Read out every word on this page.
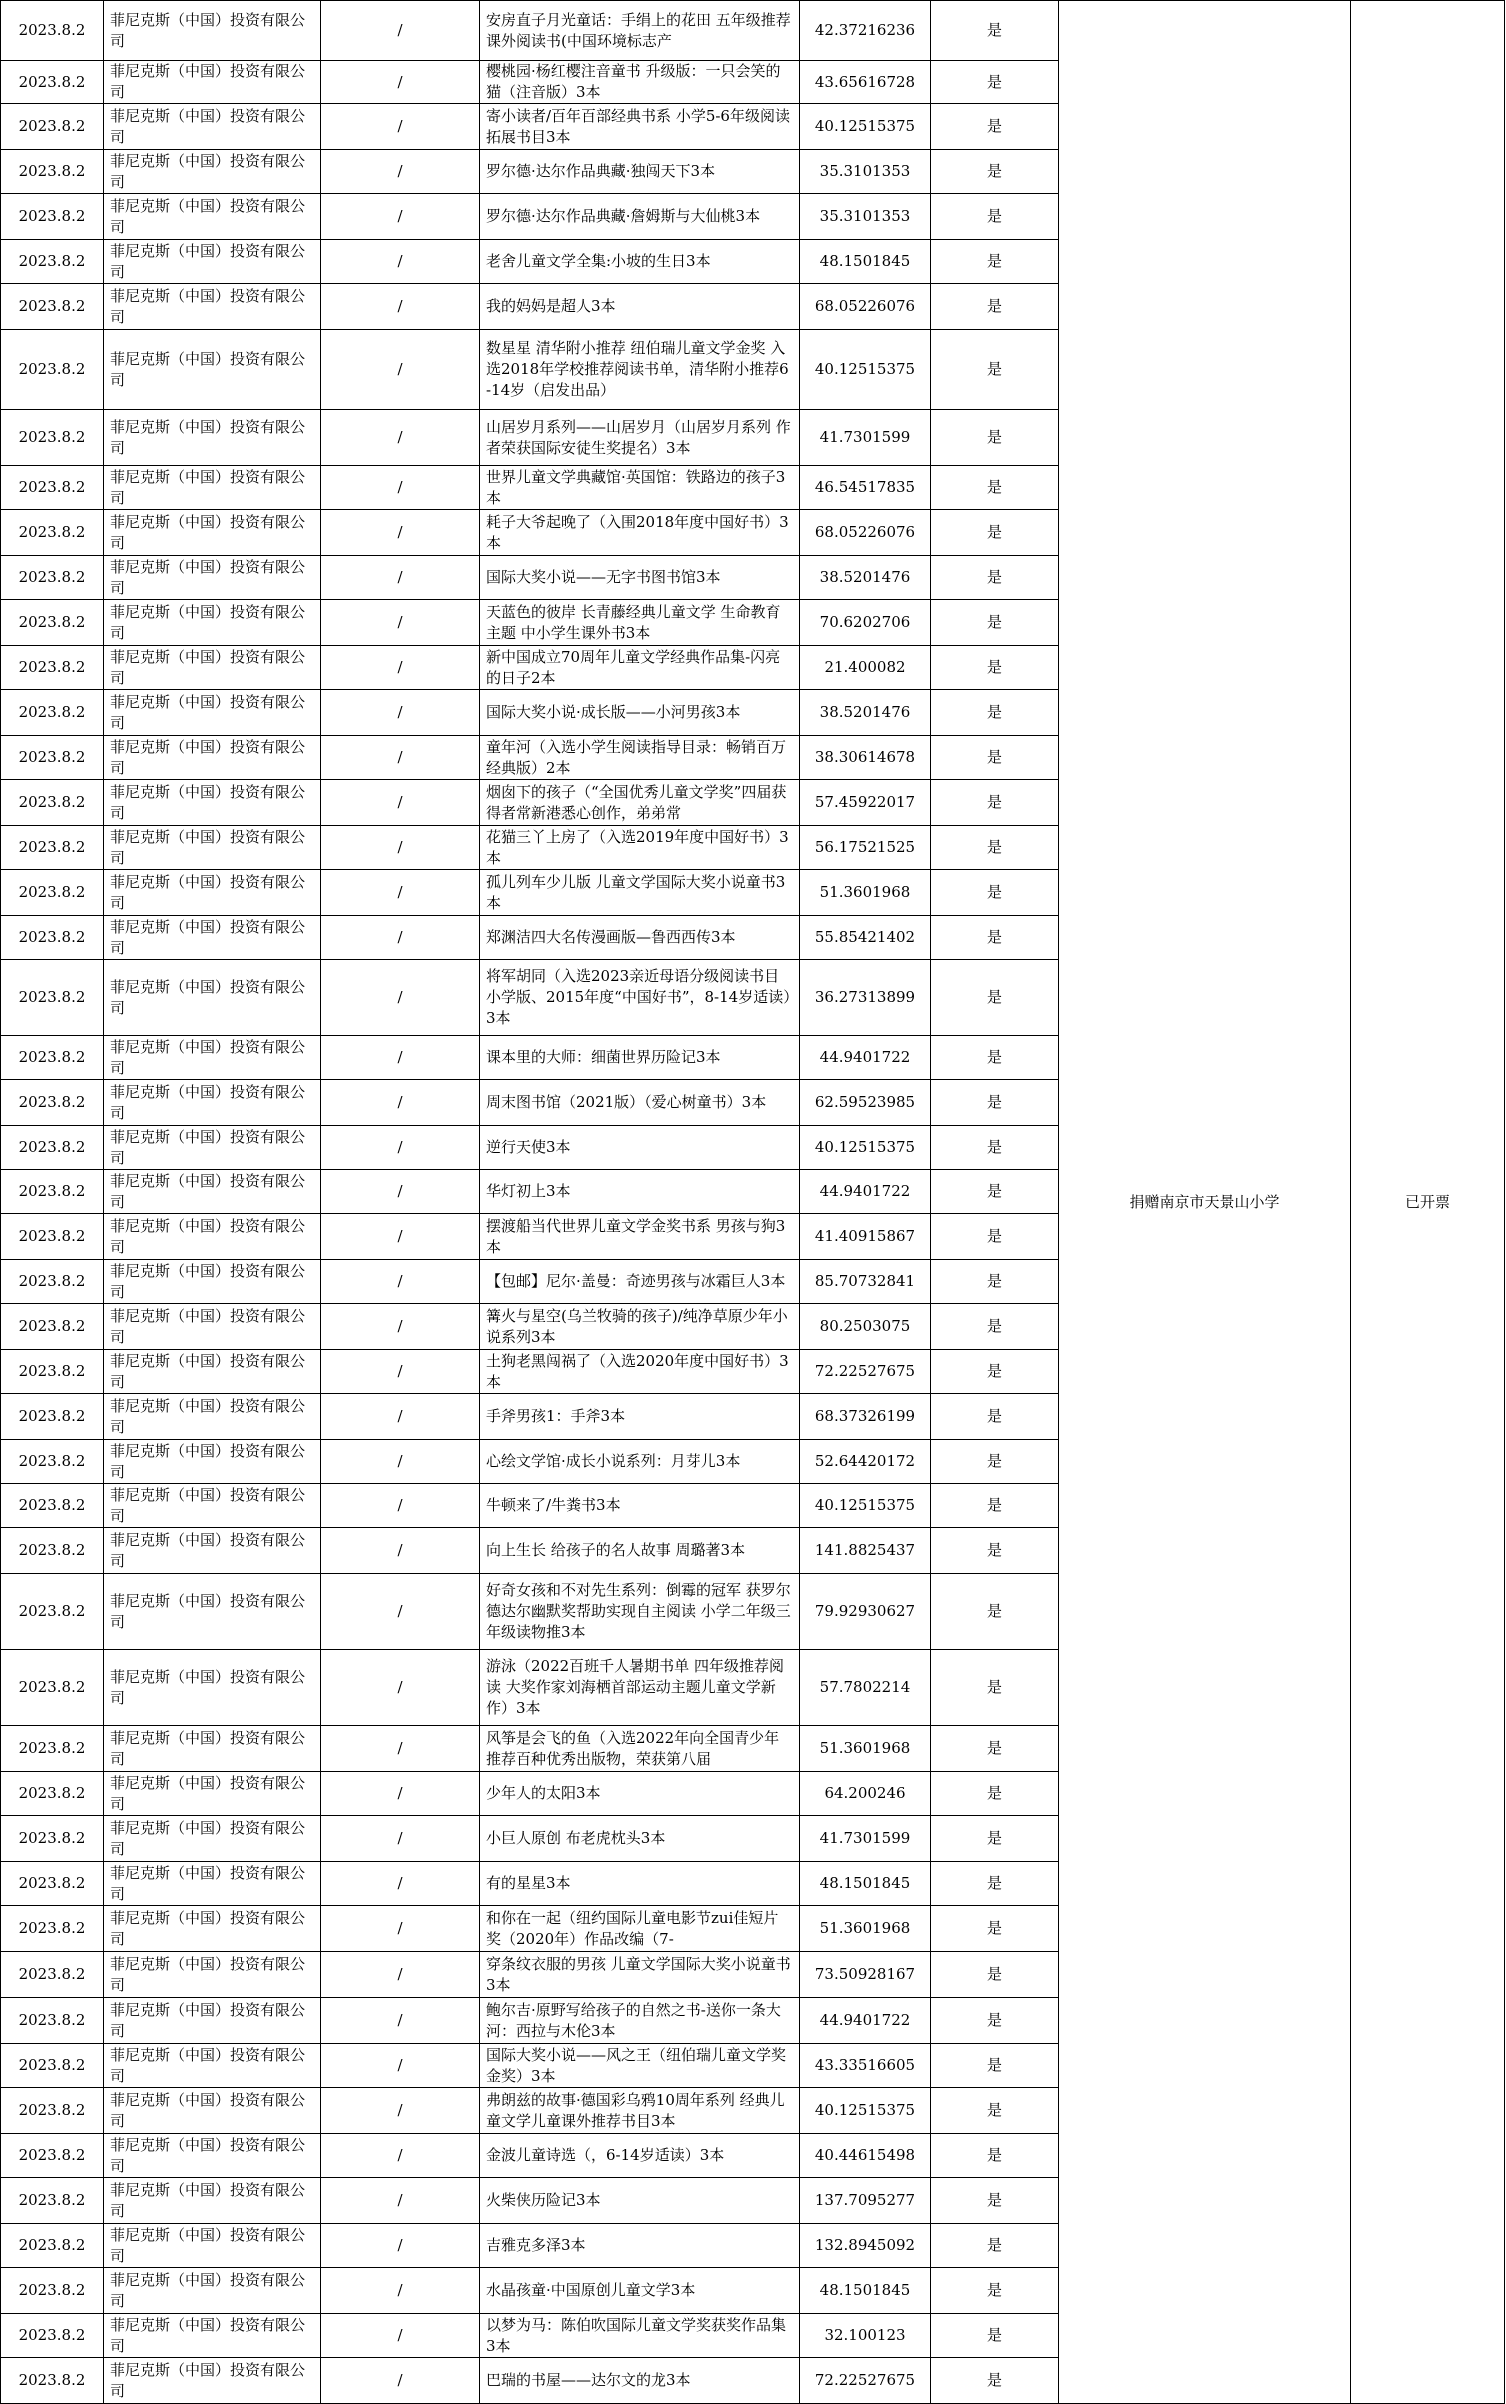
2023.8.2	菲尼克斯（中国）投资有限公司	/	安房直子月光童话：手绢上的花田 五年级推荐课外阅读书(中国环境标志产	42.37216236	是	捐赠南京市天景山小学	已开票
2023.8.2	菲尼克斯（中国）投资有限公司	/	樱桃园·杨红樱注音童书 升级版：一只会笑的猫（注音版）3本	43.65616728	是		
2023.8.2	菲尼克斯（中国）投资有限公司	/	寄小读者/百年百部经典书系 小学5-6年级阅读拓展书目3本	40.12515375	是		
2023.8.2	菲尼克斯（中国）投资有限公司	/	罗尔德·达尔作品典藏·独闯天下3本	35.3101353	是		
2023.8.2	菲尼克斯（中国）投资有限公司	/	罗尔德·达尔作品典藏·詹姆斯与大仙桃3本	35.3101353	是		
2023.8.2	菲尼克斯（中国）投资有限公司	/	老舍儿童文学全集:小坡的生日3本	48.1501845	是		
2023.8.2	菲尼克斯（中国）投资有限公司	/	我的妈妈是超人3本	68.05226076	是		
2023.8.2	菲尼克斯（中国）投资有限公司	/	数星星 清华附小推荐 纽伯瑞儿童文学金奖 入选2018年学校推荐阅读书单，清华附小推荐6-14岁（启发出品）	40.12515375	是		
2023.8.2	菲尼克斯（中国）投资有限公司	/	山居岁月系列——山居岁月（山居岁月系列 作者荣获国际安徒生奖提名）3本	41.7301599	是		
2023.8.2	菲尼克斯（中国）投资有限公司	/	世界儿童文学典藏馆·英国馆：铁路边的孩子3本	46.54517835	是		
2023.8.2	菲尼克斯（中国）投资有限公司	/	耗子大爷起晚了（入围2018年度中国好书）3本	68.05226076	是		
2023.8.2	菲尼克斯（中国）投资有限公司	/	国际大奖小说——无字书图书馆3本	38.5201476	是		
2023.8.2	菲尼克斯（中国）投资有限公司	/	天蓝色的彼岸 长青藤经典儿童文学 生命教育主题 中小学生课外书3本	70.6202706	是		
2023.8.2	菲尼克斯（中国）投资有限公司	/	新中国成立70周年儿童文学经典作品集-闪亮的日子2本	21.400082	是		
2023.8.2	菲尼克斯（中国）投资有限公司	/	国际大奖小说·成长版——小河男孩3本	38.5201476	是		
2023.8.2	菲尼克斯（中国）投资有限公司	/	童年河（入选小学生阅读指导目录：畅销百万经典版）2本	38.30614678	是		
2023.8.2	菲尼克斯（中国）投资有限公司	/	烟囱下的孩子（“全国优秀儿童文学奖”四届获得者常新港悉心创作，弟弟常	57.45922017	是		
2023.8.2	菲尼克斯（中国）投资有限公司	/	花猫三丫上房了（入选2019年度中国好书）3本	56.17521525	是		
2023.8.2	菲尼克斯（中国）投资有限公司	/	孤儿列车少儿版 儿童文学国际大奖小说童书3本	51.3601968	是		
2023.8.2	菲尼克斯（中国）投资有限公司	/	郑渊洁四大名传漫画版—鲁西西传3本	55.85421402	是		
2023.8.2	菲尼克斯（中国）投资有限公司	/	将军胡同（入选2023亲近母语分级阅读书目小学版、2015年度“中国好书”，8-14岁适读）3本	36.27313899	是		
2023.8.2	菲尼克斯（中国）投资有限公司	/	课本里的大师：细菌世界历险记3本	44.9401722	是		
2023.8.2	菲尼克斯（中国）投资有限公司	/	周末图书馆（2021版）（爱心树童书）3本	62.59523985	是		
2023.8.2	菲尼克斯（中国）投资有限公司	/	逆行天使3本	40.12515375	是		
2023.8.2	菲尼克斯（中国）投资有限公司	/	华灯初上3本	44.9401722	是		
2023.8.2	菲尼克斯（中国）投资有限公司	/	摆渡船当代世界儿童文学金奖书系 男孩与狗3本	41.40915867	是		
2023.8.2	菲尼克斯（中国）投资有限公司	/	【包邮】尼尔·盖曼：奇迹男孩与冰霜巨人3本	85.70732841	是		
2023.8.2	菲尼克斯（中国）投资有限公司	/	篝火与星空(乌兰牧骑的孩子)/纯净草原少年小说系列3本	80.2503075	是		
2023.8.2	菲尼克斯（中国）投资有限公司	/	土狗老黑闯祸了（入选2020年度中国好书）3本	72.22527675	是		
2023.8.2	菲尼克斯（中国）投资有限公司	/	手斧男孩1：手斧3本	68.37326199	是		
2023.8.2	菲尼克斯（中国）投资有限公司	/	心绘文学馆·成长小说系列：月芽儿3本	52.64420172	是		
2023.8.2	菲尼克斯（中国）投资有限公司	/	牛顿来了/牛粪书3本	40.12515375	是		
2023.8.2	菲尼克斯（中国）投资有限公司	/	向上生长 给孩子的名人故事 周璐著3本	141.8825437	是		
2023.8.2	菲尼克斯（中国）投资有限公司	/	好奇女孩和不对先生系列：倒霉的冠军 获罗尔德达尔幽默奖帮助实现自主阅读 小学二年级三年级读物推3本	79.92930627	是		
2023.8.2	菲尼克斯（中国）投资有限公司	/	游泳（2022百班千人暑期书单 四年级推荐阅读 大奖作家刘海栖首部运动主题儿童文学新作）3本	57.7802214	是		
2023.8.2	菲尼克斯（中国）投资有限公司	/	风筝是会飞的鱼（入选2022年向全国青少年推荐百种优秀出版物，荣获第八届	51.3601968	是		
2023.8.2	菲尼克斯（中国）投资有限公司	/	少年人的太阳3本	64.200246	是		
2023.8.2	菲尼克斯（中国）投资有限公司	/	小巨人原创 布老虎枕头3本	41.7301599	是		
2023.8.2	菲尼克斯（中国）投资有限公司	/	有的星星3本	48.1501845	是		
2023.8.2	菲尼克斯（中国）投资有限公司	/	和你在一起（纽约国际儿童电影节zui佳短片奖（2020年）作品改编（7-	51.3601968	是		
2023.8.2	菲尼克斯（中国）投资有限公司	/	穿条纹衣服的男孩 儿童文学国际大奖小说童书3本	73.50928167	是		
2023.8.2	菲尼克斯（中国）投资有限公司	/	鲍尔吉·原野写给孩子的自然之书-送你一条大河：西拉与木伦3本	44.9401722	是		
2023.8.2	菲尼克斯（中国）投资有限公司	/	国际大奖小说——风之王（纽伯瑞儿童文学奖金奖）3本	43.33516605	是		
2023.8.2	菲尼克斯（中国）投资有限公司	/	弗朗兹的故事·德国彩乌鸦10周年系列 经典儿童文学儿童课外推荐书目3本	40.12515375	是		
2023.8.2	菲尼克斯（中国）投资有限公司	/	金波儿童诗选（，6-14岁适读）3本	40.44615498	是		
2023.8.2	菲尼克斯（中国）投资有限公司	/	火柴侠历险记3本	137.7095277	是		
2023.8.2	菲尼克斯（中国）投资有限公司	/	吉雅克多泽3本	132.8945092	是		
2023.8.2	菲尼克斯（中国）投资有限公司	/	水晶孩童·中国原创儿童文学3本	48.1501845	是		
2023.8.2	菲尼克斯（中国）投资有限公司	/	以梦为马：陈伯吹国际儿童文学奖获奖作品集3本	32.100123	是		
2023.8.2	菲尼克斯（中国）投资有限公司	/	巴瑞的书屋——达尔文的龙3本	72.22527675	是		
